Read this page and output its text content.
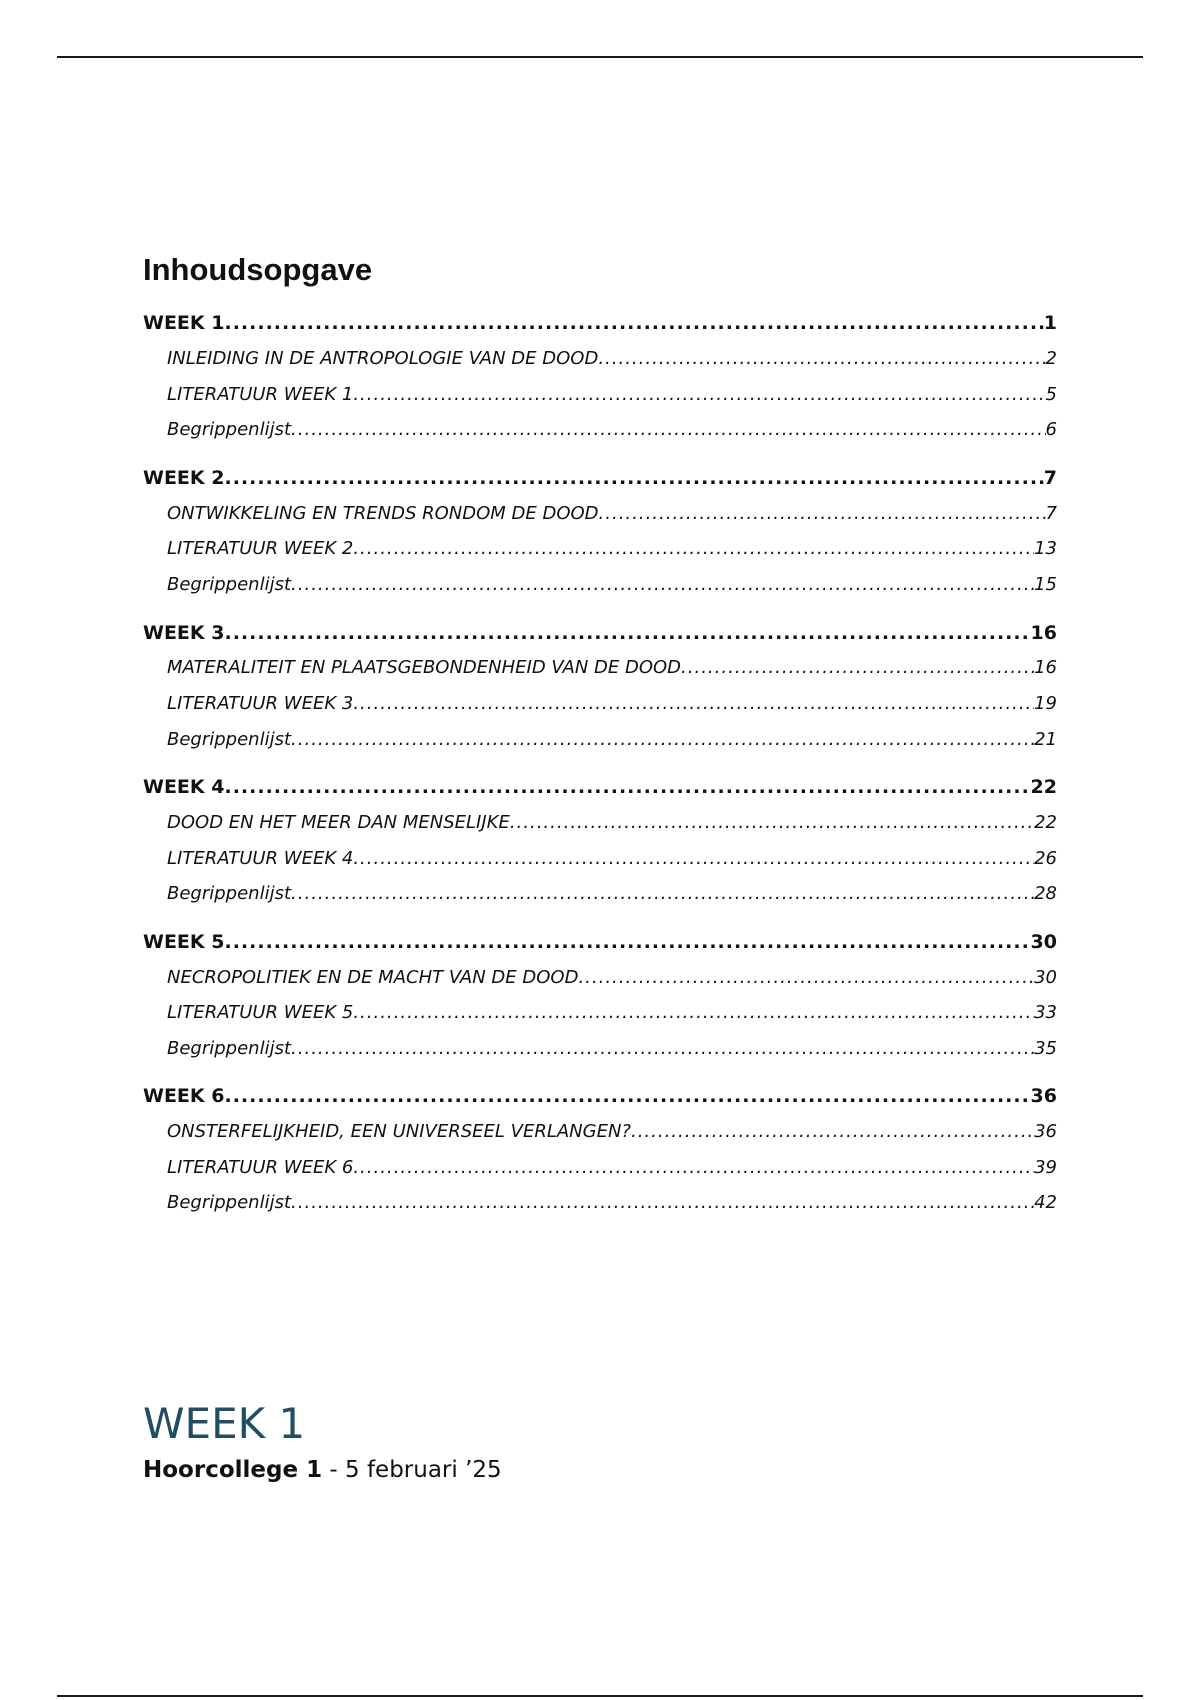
Inhoudsopgave
WEEK 1 .....	1
INLEIDING IN DE ANTROPOLOGIE VAN DE DOOD .....	2
LITERATUUR WEEK 1 .....	5
Begrippenlijst .....	6
WEEK 2 .....	7
ONTWIKKELING EN TRENDS RONDOM DE DOOD .....	7
LITERATUUR WEEK 2 .....	13
Begrippenlijst .....	15
WEEK 3 .....	16
MATERALITEIT EN PLAATSGEBONDENHEID VAN DE DOOD .....	16
LITERATUUR WEEK 3 .....	19
Begrippenlijst .....	21
WEEK 4 .....	22
DOOD EN HET MEER DAN MENSELIJKE .....	22
LITERATUUR WEEK 4 .....	26
Begrippenlijst .....	28
WEEK 5 .....	30
NECROPOLITIEK EN DE MACHT VAN DE DOOD .....	30
LITERATUUR WEEK 5 .....	33
Begrippenlijst .....	35
WEEK 6 .....	36
ONSTERFELIJKHEID, EEN UNIVERSEEL VERLANGEN? .....	36
LITERATUUR WEEK 6 .....	39
Begrippenlijst .....	42
WEEK 1

Hoorcollege 1 - 5 februari ’25
